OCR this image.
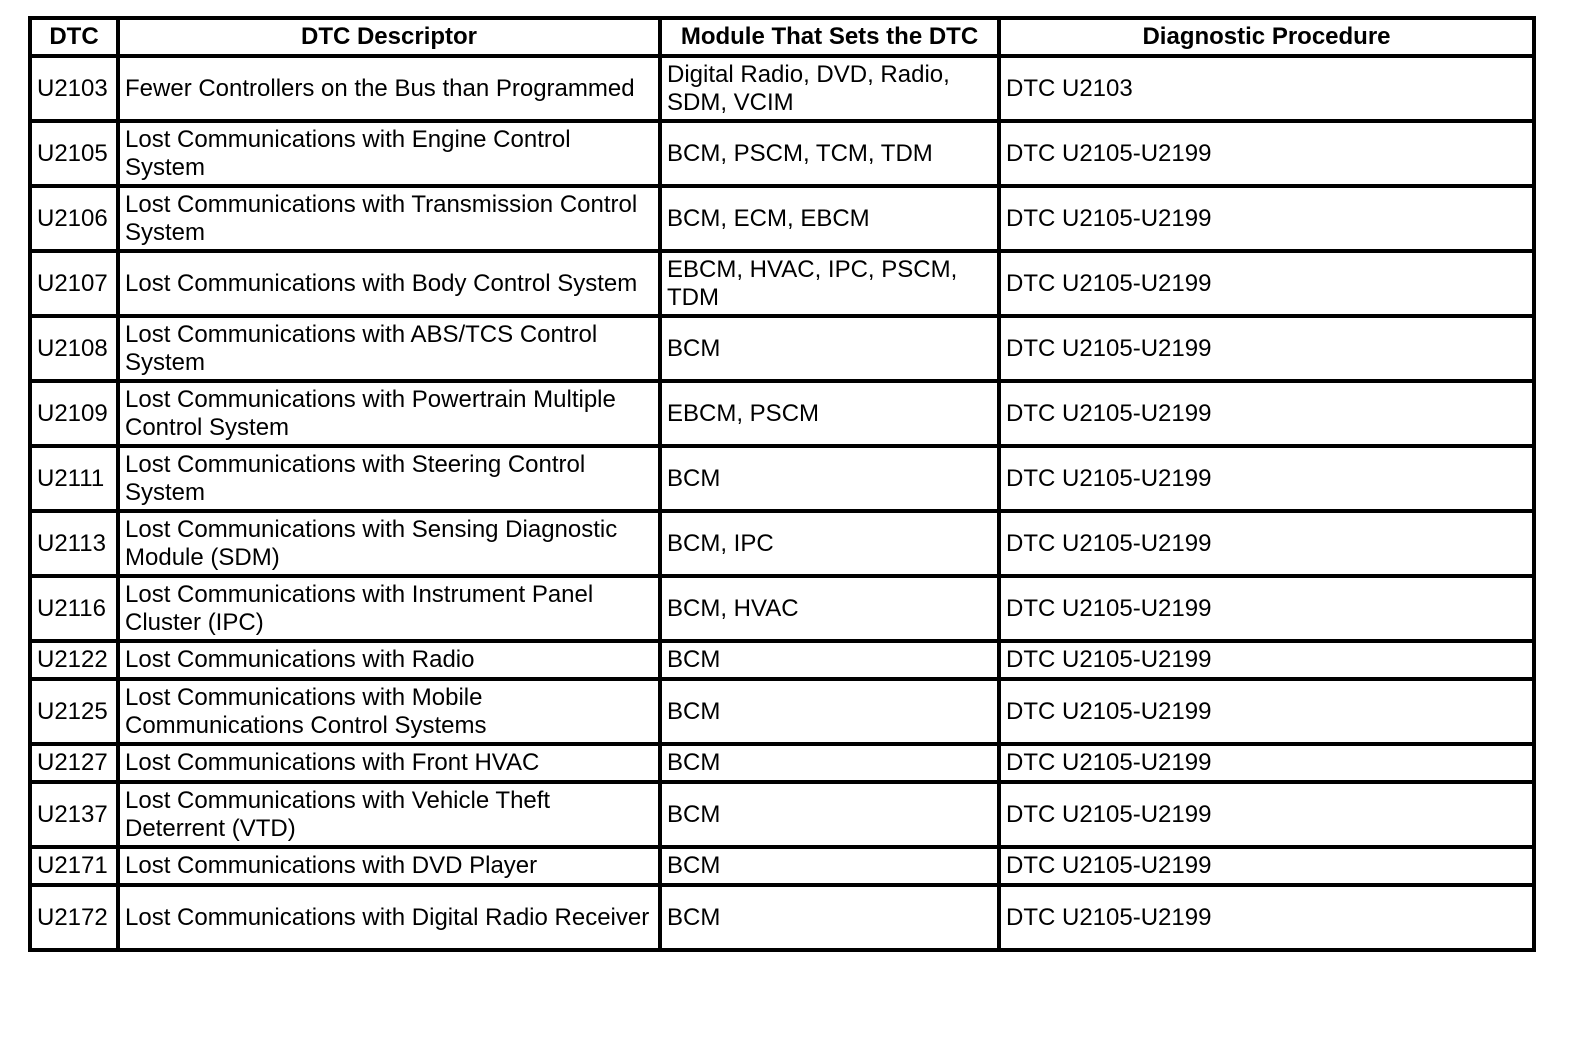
DTC	DTC Descriptor	Module That Sets the DTC	Diagnostic Procedure
U2103	Fewer Controllers on the Bus than Programmed	Digital Radio, DVD, Radio, SDM, VCIM	DTC U2103
U2105	Lost Communications with Engine Control System	BCM, PSCM, TCM, TDM	DTC U2105-U2199
U2106	Lost Communications with Transmission Control System	BCM, ECM, EBCM	DTC U2105-U2199
U2107	Lost Communications with Body Control System	EBCM, HVAC, IPC, PSCM, TDM	DTC U2105-U2199
U2108	Lost Communications with ABS/TCS Control System	BCM	DTC U2105-U2199
U2109	Lost Communications with Powertrain Multiple Control System	EBCM, PSCM	DTC U2105-U2199
U2111	Lost Communications with Steering Control System	BCM	DTC U2105-U2199
U2113	Lost Communications with Sensing Diagnostic Module (SDM)	BCM, IPC	DTC U2105-U2199
U2116	Lost Communications with Instrument Panel Cluster (IPC)	BCM, HVAC	DTC U2105-U2199
U2122	Lost Communications with Radio	BCM	DTC U2105-U2199
U2125	Lost Communications with Mobile Communications Control Systems	BCM	DTC U2105-U2199
U2127	Lost Communications with Front HVAC	BCM	DTC U2105-U2199
U2137	Lost Communications with Vehicle Theft Deterrent (VTD)	BCM	DTC U2105-U2199
U2171	Lost Communications with DVD Player	BCM	DTC U2105-U2199
U2172	Lost Communications with Digital Radio Receiver	BCM	DTC U2105-U2199
